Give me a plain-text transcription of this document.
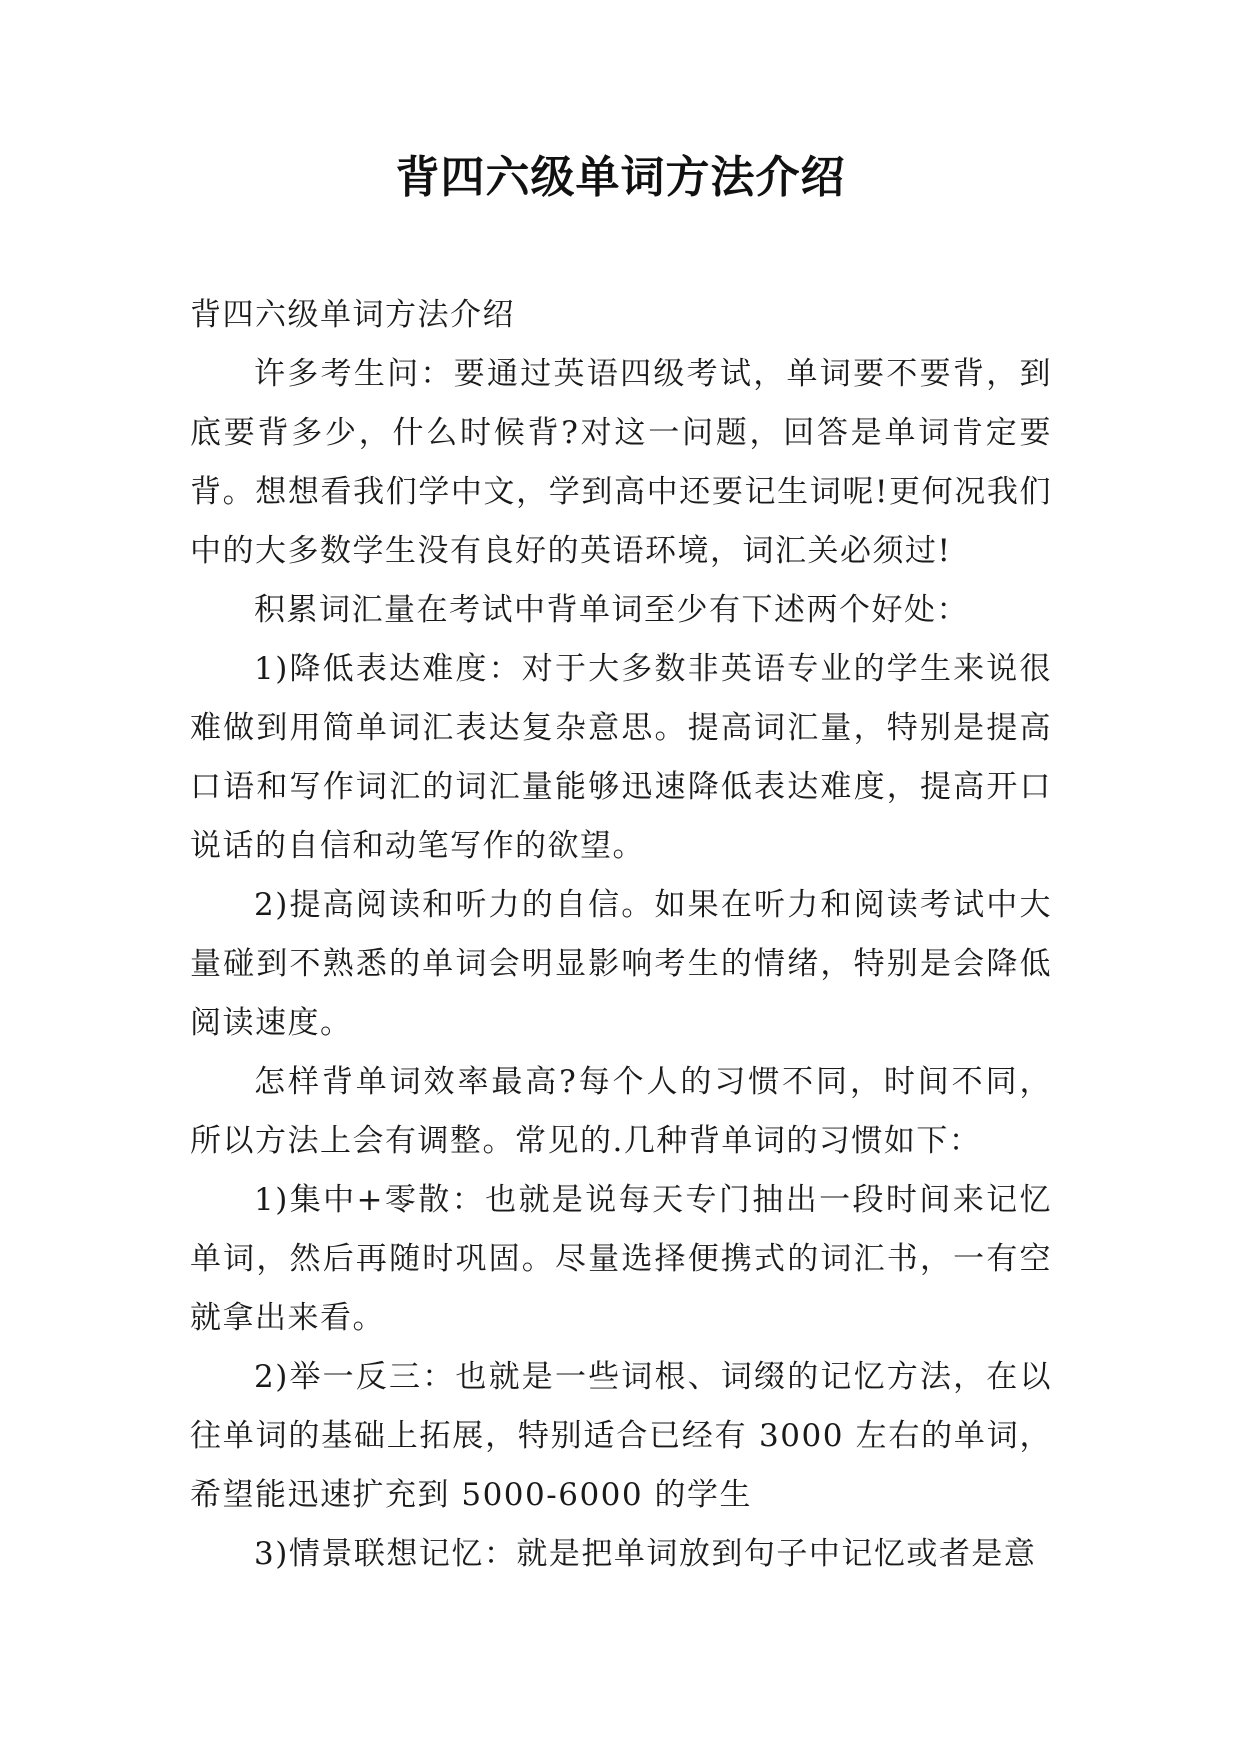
背四六级单词方法介绍

背四六级单词方法介绍

许多考生问：要通过英语四级考试，单词要不要背，到底要背多少，什么时候背?对这一问题，回答是单词肯定要背。想想看我们学中文，学到高中还要记生词呢!更何况我们中的大多数学生没有良好的英语环境，词汇关必须过!

积累词汇量在考试中背单词至少有下述两个好处：

1)降低表达难度：对于大多数非英语专业的学生来说很难做到用简单词汇表达复杂意思。提高词汇量，特别是提高口语和写作词汇的词汇量能够迅速降低表达难度，提高开口说话的自信和动笔写作的欲望。

2)提高阅读和听力的自信。如果在听力和阅读考试中大量碰到不熟悉的单词会明显影响考生的情绪，特别是会降低阅读速度。

怎样背单词效率最高?每个人的习惯不同，时间不同，所以方法上会有调整。常见的.几种背单词的习惯如下：

1)集中+零散：也就是说每天专门抽出一段时间来记忆单词，然后再随时巩固。尽量选择便携式的词汇书，一有空就拿出来看。

2)举一反三：也就是一些词根、词缀的记忆方法，在以往单词的基础上拓展，特别适合已经有 3000 左右的单词，希望能迅速扩充到 5000-6000 的学生

3)情景联想记忆：就是把单词放到句子中记忆或者是意
